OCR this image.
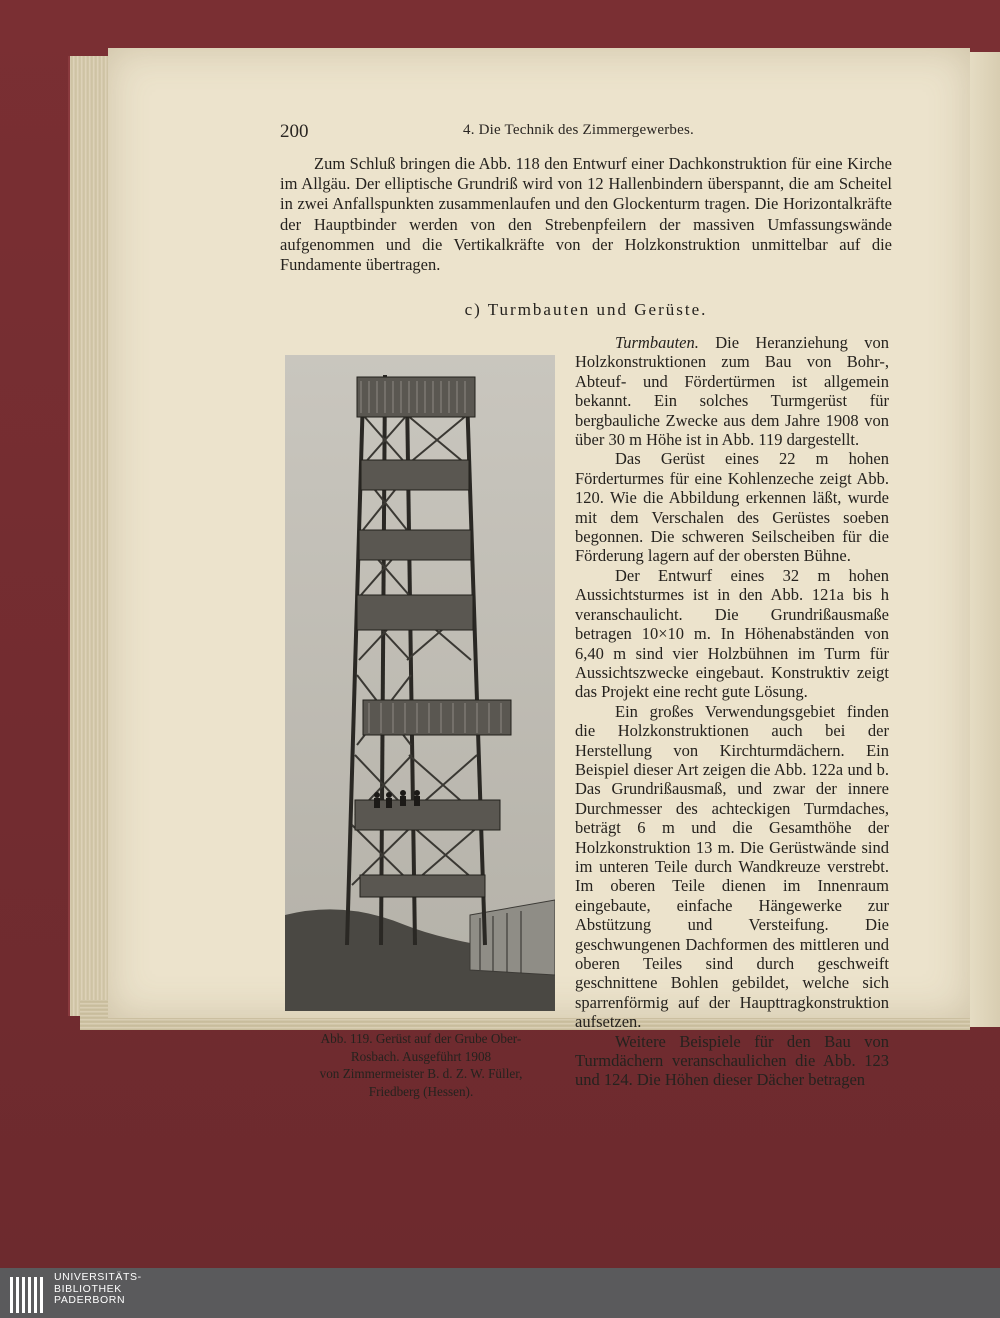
200	4. Die Technik des Zimmergewerbes.

Zum Schluß bringen die Abb. 118 den Entwurf einer Dachkonstruktion für eine Kirche im Allgäu. Der elliptische Grundriß wird von 12 Hallenbindern überspannt, die am Scheitel in zwei Anfallspunkten zusammenlaufen und den Glockenturm tragen. Die Horizontalkräfte der Hauptbinder werden von den Strebenpfeilern der massiven Umfassungswände aufgenommen und die Vertikalkräfte von der Holzkonstruktion unmittelbar auf die Fundamente übertragen.

c) Turmbauten und Gerüste.
Abb. 119. Gerüst auf der Grube Ober-
Rosbach. Ausgeführt 1908
von Zimmermeister B. d. Z. W. Füller,
Friedberg (Hessen).

Turmbauten. Die Heranziehung von Holzkonstruktionen zum Bau von Bohr-, Abteuf- und Fördertürmen ist allgemein bekannt. Ein solches Turmgerüst für bergbauliche Zwecke aus dem Jahre 1908 von über 30 m Höhe ist in Abb. 119 dargestellt.

Das Gerüst eines 22 m hohen Förderturmes für eine Kohlenzeche zeigt Abb. 120. Wie die Abbildung erkennen läßt, wurde mit dem Verschalen des Gerüstes soeben begonnen. Die schweren Seilscheiben für die Förderung lagern auf der obersten Bühne.

Der Entwurf eines 32 m hohen Aussichtsturmes ist in den Abb. 121a bis h veranschaulicht. Die Grundrißausmaße betragen 10×10 m. In Höhenabständen von 6,40 m sind vier Holzbühnen im Turm für Aussichtszwecke eingebaut. Konstruktiv zeigt das Projekt eine recht gute Lösung.

Ein großes Verwendungsgebiet finden die Holzkonstruktionen auch bei der Herstellung von Kirchturmdächern. Ein Beispiel dieser Art zeigen die Abb. 122a und b. Das Grundrißausmaß, und zwar der innere Durchmesser des achteckigen Turmdaches, beträgt 6 m und die Gesamthöhe der Holzkonstruktion 13 m. Die Gerüstwände sind im unteren Teile durch Wandkreuze verstrebt. Im oberen Teile dienen im Innenraum eingebaute, einfache Hängewerke zur Abstützung und Versteifung. Die geschwungenen Dachformen des mittleren und oberen Teiles sind durch geschweift geschnittene Bohlen gebildet, welche sich sparrenförmig auf der Haupttragkonstruktion aufsetzen.

Weitere Beispiele für den Bau von Turmdächern veranschaulichen die Abb. 123 und 124. Die Höhen dieser Dächer betragen

UNIVERSITÄTS-
BIBLIOTHEK
PADERBORN
